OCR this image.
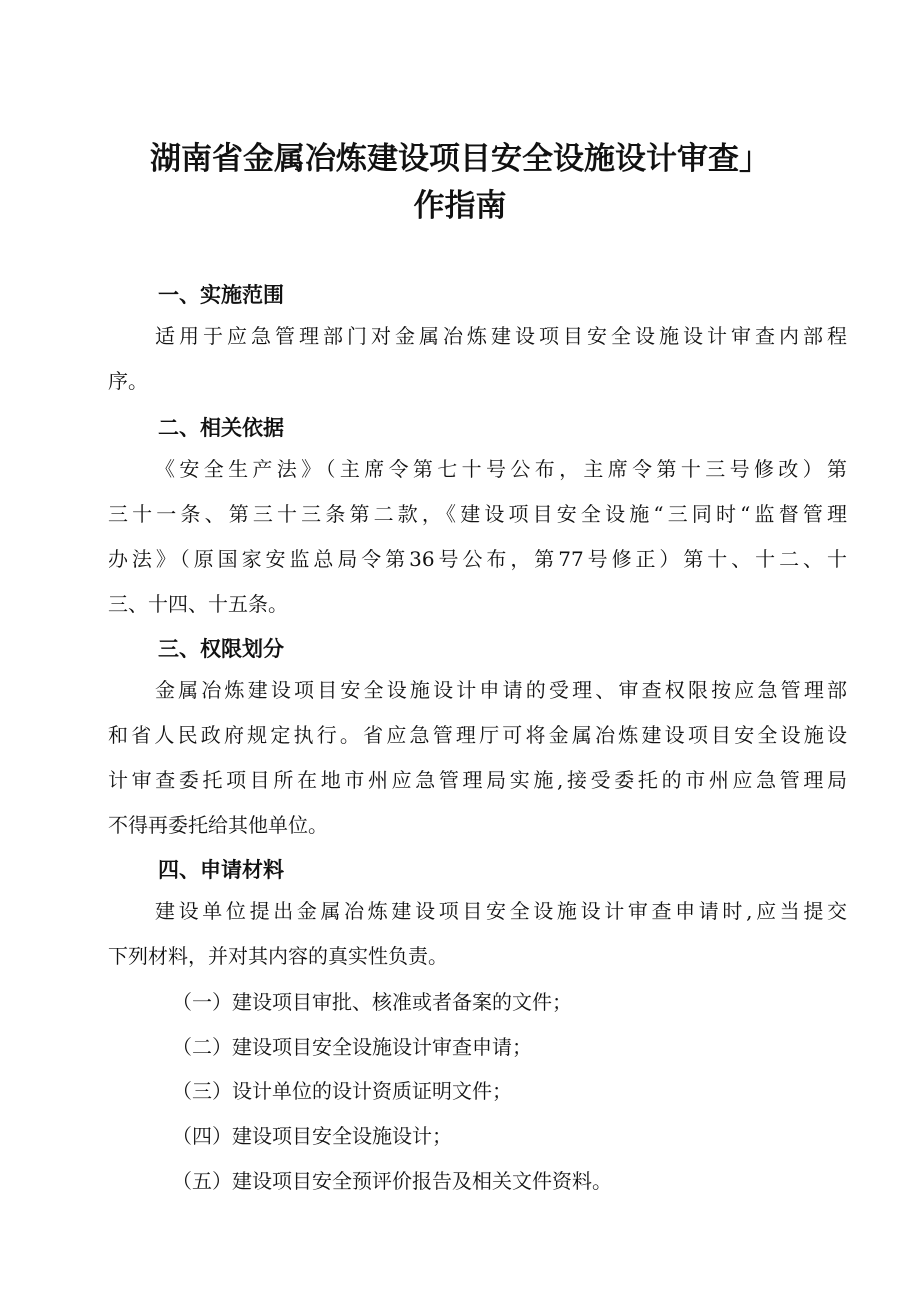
湖南省金属冶炼建设项目安全设施设计审查」
作指南
一、实施范围
适用于应急管理部门对金属冶炼建设项目安全设施设计审查内部程
序。
二、相关依据
《安全生产法》（主席令第七十号公布，主席令第十三号修改）第
三十一条、第三十三条第二款，《建设项目安全设施“三同时“监督管理
办法》（原国家安监总局令第36号公布，第77号修正）第十、十二、十
三、十四、十五条。
三、权限划分
金属冶炼建设项目安全设施设计申请的受理、审查权限按应急管理部
和省人民政府规定执行。省应急管理厅可将金属冶炼建设项目安全设施设
计审查委托项目所在地市州应急管理局实施,接受委托的市州应急管理局
不得再委托给其他单位。
四、申请材料
建设单位提出金属冶炼建设项目安全设施设计审查申请时,应当提交
下列材料，并对其内容的真实性负责。
（一）建设项目审批、核准或者备案的文件；
（二）建设项目安全设施设计审查申请；
（三）设计单位的设计资质证明文件；
（四）建设项目安全设施设计；
（五）建设项目安全预评价报告及相关文件资料。
